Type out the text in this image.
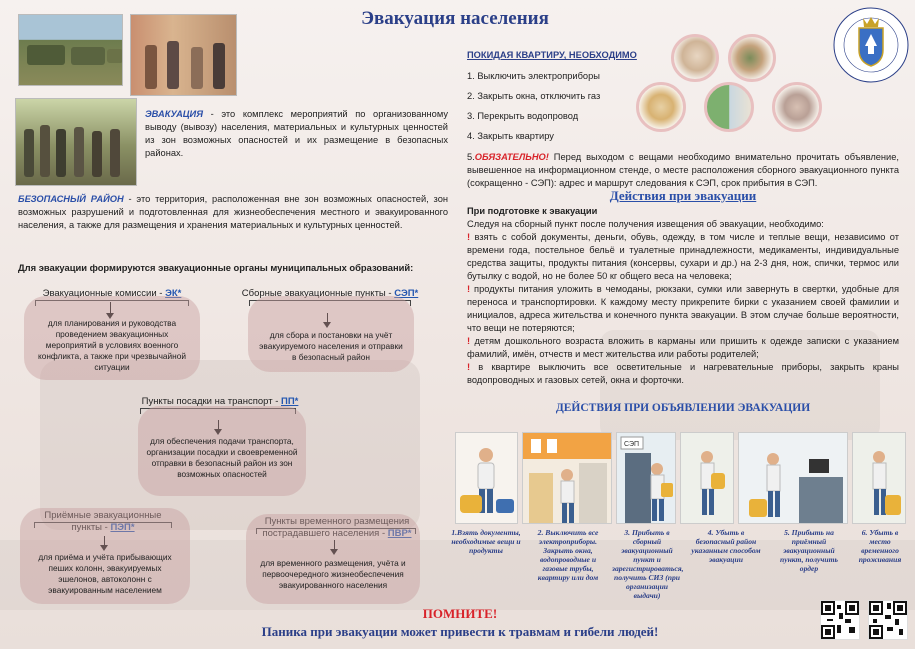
Эвакуация населения
ЭВАКУАЦИЯ - это комплекс мероприятий по организованному выводу (вывозу) населения, материальных и культурных ценностей из зон возможных опасностей и их размещение в безопасных районах.
БЕЗОПАСНЫЙ РАЙОН - это территория, расположенная вне зон возможных опасностей, зон возможных разрушений и подготовленная для жизнеобеспечения местного и эвакуированного населения, а также для размещения и хранения материальных и культурных ценностей.
Для эвакуации формируются эвакуационные органы муниципальных образований:
Эвакуационные комиссии - ЭК*
для планирования и руководства проведением эвакуационных мероприятий в условиях военного конфликта, а также при чрезвычайной ситуации
Сборные эвакуационные пункты - СЭП*
для сбора и постановки на учёт эвакуируемого населения и отправки в безопасный район
Пункты посадки на транспорт - ПП*
для обеспечения подачи транспорта, организации посадки и своевременной отправки в безопасный район из зон возможных опасностей
Приёмные эвакуационные пункты - ПЭП*
для приёма и учёта прибывающих пеших колонн, эвакуируемых эшелонов, автоколонн с эвакуированным населением
Пункты временного размещения пострадавшего населения - ПВР*
для временного размещения, учёта и первоочередного жизнеобеспечения эвакуированного населения
ПОКИДАЯ КВАРТИРУ, НЕОБХОДИМО
1. Выключить электроприборы
2. Закрыть окна, отключить газ
3. Перекрыть водопровод
4. Закрыть квартиру
5.ОБЯЗАТЕЛЬНО! Перед выходом с вещами необходимо внимательно прочитать объявление, вывешенное на информационном стенде, о месте расположения сборного эвакуационного пункта (сокращенно - СЭП): адрес и маршрут следования к СЭП, срок прибытия в СЭП.
Действия при эвакуации
При подготовке к эвакуации
Следуя на сборный пункт после получения извещения об эвакуации, необходимо:
! взять с собой документы, деньги, обувь, одежду, в том числе и теплые вещи, независимо от времени года, постельное бельё и туалетные принадлежности, медикаменты, индивидуальные средства защиты, продукты питания (консервы, сухари и др.) на 2-3 дня, нож, спички, термос или бутылку с водой, но не более 50 кг общего веса на человека;
! продукты питания уложить в чемоданы, рюкзаки, сумки или завернуть в свертки, удобные для переноса и транспортировки. К каждому месту прикрепите бирки с указанием своей фамилии и инициалов, адреса жительства и конечного пункта эвакуации. В этом случае больше вероятности, что вещи не потеряются;
! детям дошкольного возраста вложить в карманы или пришить к одежде записки с указанием фамилий, имён, отчеств и мест жительства или работы родителей;
! в квартире выключить все осветительные и нагревательные приборы, закрыть краны водопроводных и газовых сетей, окна и форточки.
ДЕЙСТВИЯ ПРИ ОБЪЯВЛЕНИИ ЭВАКУАЦИИ
СЭП
1.Взять документы, необходимые вещи и продукты
2. Выключить все электроприборы. Закрыть окна, водопроводные и газовые трубы, квартиру или дом
3. Прибыть в сборный эвакуационный пункт и зарегистрироваться, получить СИЗ (при организации выдачи)
4. Убыть в безопасный район указанным способом эвакуации
5. Прибыть на приёмный эвакуационный пункт, получить ордер
6. Убыть в место временного проживания
ПОМНИТЕ!
Паника при эвакуации может привести к травмам и гибели людей!
